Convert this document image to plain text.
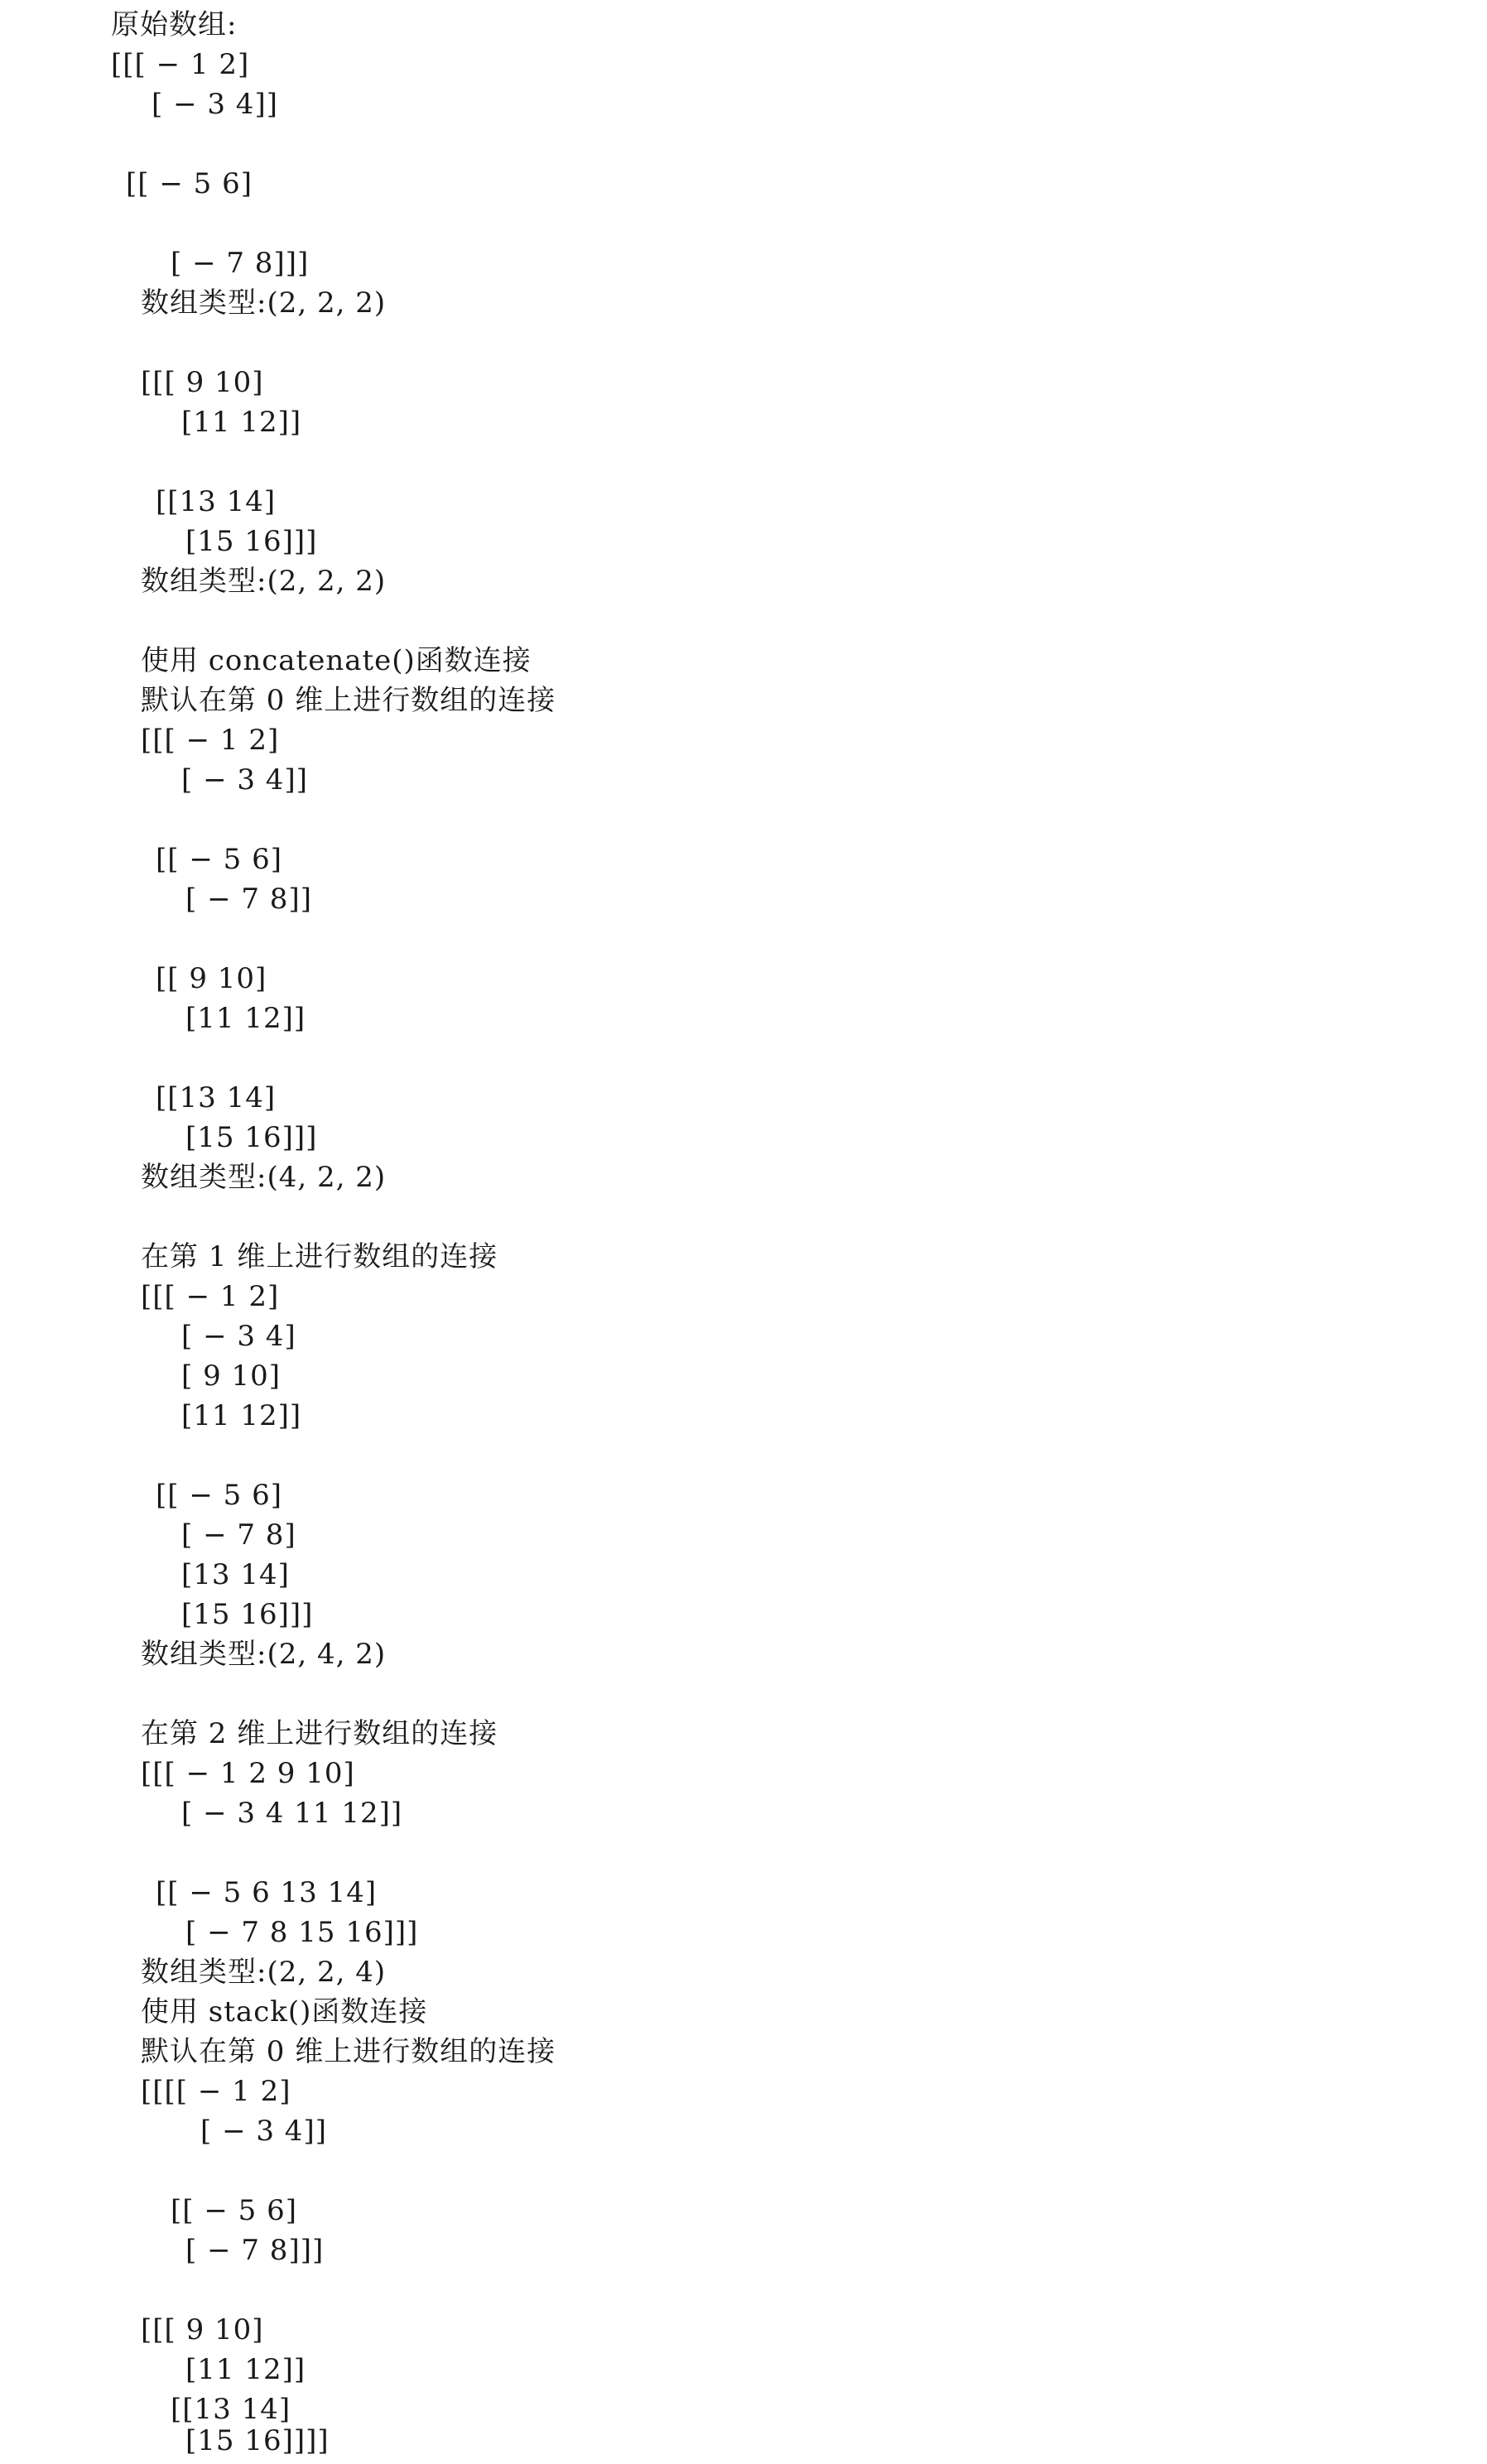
原始数组:
[[[ − 1 2]
[ − 3 4]]
[[ − 5 6]
[ − 7 8]]]
数组类型:(2, 2, 2)
[[[ 9 10]
[11 12]]
[[13 14]
[15 16]]]
数组类型:(2, 2, 2)
使用 concatenate()函数连接
默认在第 0 维上进行数组的连接
[[[ − 1 2]
[ − 3 4]]
[[ − 5 6]
[ − 7 8]]
[[ 9 10]
[11 12]]
[[13 14]
[15 16]]]
数组类型:(4, 2, 2)
在第 1 维上进行数组的连接
[[[ − 1 2]
[ − 3 4]
[ 9 10]
[11 12]]
[[ − 5 6]
[ − 7 8]
[13 14]
[15 16]]]
数组类型:(2, 4, 2)
在第 2 维上进行数组的连接
[[[ − 1 2 9 10]
[ − 3 4 11 12]]
[[ − 5 6 13 14]
[ − 7 8 15 16]]]
数组类型:(2, 2, 4)
使用 stack()函数连接
默认在第 0 维上进行数组的连接
[[[[ − 1 2]
[ − 3 4]]
[[ − 5 6]
[ − 7 8]]]
[[[ 9 10]
[11 12]]
[[13 14]
[15 16]]]]
